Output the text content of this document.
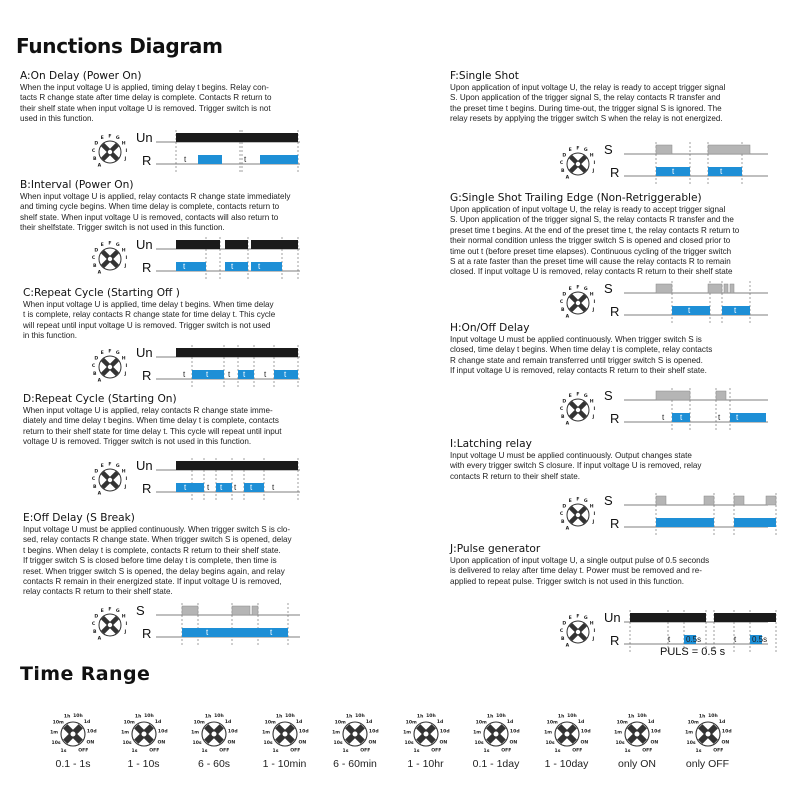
Functions Diagram
A:On Delay (Power On)
When the input voltage U is applied, timing delay t begins. Relay con-
tacts R change state after time delay is complete. Contacts R return to
their shelf state when input voltage U is removed. Trigger switch is not
used in this function.
B:Interval (Power On)
When input voltage U is applied, relay contacts R change state immediately
and timing cycle begins. When time delay is complete, contacts return to
shelf state. When input voltage U is removed, contacts will also return to
their shelfstate. Trigger switch is not used in this function.
C:Repeat Cycle (Starting Off )
When input voltage U is applied, time delay t begins. When time delay
t is complete, relay contacts R change state for time delay t. This cycle
will repeat until input voltage U is removed. Trigger switch is not used
in this function.
D:Repeat Cycle (Starting On)
When input voltage U is applied, relay contacts R change state imme-
diately and time delay t begins. When time delay t is complete, contacts
return to their shelf state for time delay t. This cycle will repeat until input
voltage U is removed. Trigger switch is not used in this function.
E:Off Delay (S Break)
Input voltage U must be applied continuously. When trigger switch S is clo-
sed, relay contacts R change state. When trigger switch S is opened, delay
t begins. When delay t is complete, contacts R return to their shelf state.
If trigger switch S is closed before time delay t is complete, then time is
reset. When trigger switch S is opened, the delay begins again, and relay
contacts R remain in their energized state. If input voltage U is removed,
relay contacts R return to their shelf state.
F:Single Shot
Upon application of input voltage U, the relay is ready to accept trigger signal
S. Upon application of the trigger signal S, the relay contacts R transfer and
the preset time t begins. During time-out, the trigger signal S is ignored. The
relay resets by applying the trigger switch S when the relay is not energized.
G:Single Shot Trailing Edge (Non-Retriggerable)
Upon application of input voltage U, the relay is ready to accept trigger signal
S. Upon application of the trigger signal S, the relay contacts R transfer and the
preset time t begins. At the end of the preset time t, the relay contacts R return to
their normal condition unless the trigger switch S is opened and closed prior to
time out t (before preset time elapses). Continuous cycling of the trigger switch
S at a rate faster than the preset time will cause the relay contacts R to remain
closed. If input voltage U is removed, relay contacts R return to their shelf state
H:On/Off Delay
Input voltage U must be applied continuously. When trigger switch S is
closed, time delay t begins. When time delay t is complete, relay contacts
R change state and remain transferred until trigger switch S is opened.
If input voltage U is removed, relay contacts R return to their shelf state.
I:Latching relay
Input voltage U must be applied continuously. Output changes state
with every trigger switch S closure. If input voltage U is removed, relay
contacts R return to their shelf state.
J:Pulse generator
Upon application of input voltage U, a single output pulse of 0.5 seconds
is delivered to relay after time delay t. Power must be removed and re-
applied to repeat pulse. Trigger switch is not used in this function.
A
B
C
D
E F G
H
I
J
Un
R	t	t
A
B
C
D
E F G
H
I
J
Un
R	t	t	t
A
B
C
D
E F G
H
I
J
Un
R	t	t t t t t
A
B
C
D
E F G
H
I
J
Un
R	t	t t t t t
A
B
C
D
E F G
H
I
J
S
R	t	t
A
B
C
D
E F G
H
I
J
S
R	t	t
A
B
C
D
E F G
H
I
J
S
R	t	t
A
B
C
D
E F G
H
I
J
S
R	t t	t t
A
B
C
D
E F G
H
I
J
S
R
A
B
C
D
E F G
H
I
J
Un
R	t 0.5s	t 0.5s
PULS = 0.5 s
Time Range
1s
10s
1m
10m
1h 10h
1d
10d
ON
OFF
0.1 - 1s
1s
10s
1m
10m
1h 10h
1d
10d
ON
OFF
1 - 10s
1s
10s
1m
10m
1h 10h
1d
10d
ON
OFF
6 - 60s
1s
10s
1m
10m
1h 10h
1d
10d
ON
OFF
1 - 10min
1s
10s
1m
10m
1h 10h
1d
10d
ON
OFF
6 - 60min
1s
10s
1m
10m
1h 10h
1d
10d
ON
OFF
1 - 10hr
1s
10s
1m
10m
1h 10h
1d
10d
ON
OFF
0.1 - 1day
1s
10s
1m
10m
1h 10h
1d
10d
ON
OFF
1 - 10day
1s
10s
1m
10m
1h 10h
1d
10d
ON
OFF
only ON
1s
10s
1m
10m
1h 10h
1d
10d
ON
OFF
only OFF
